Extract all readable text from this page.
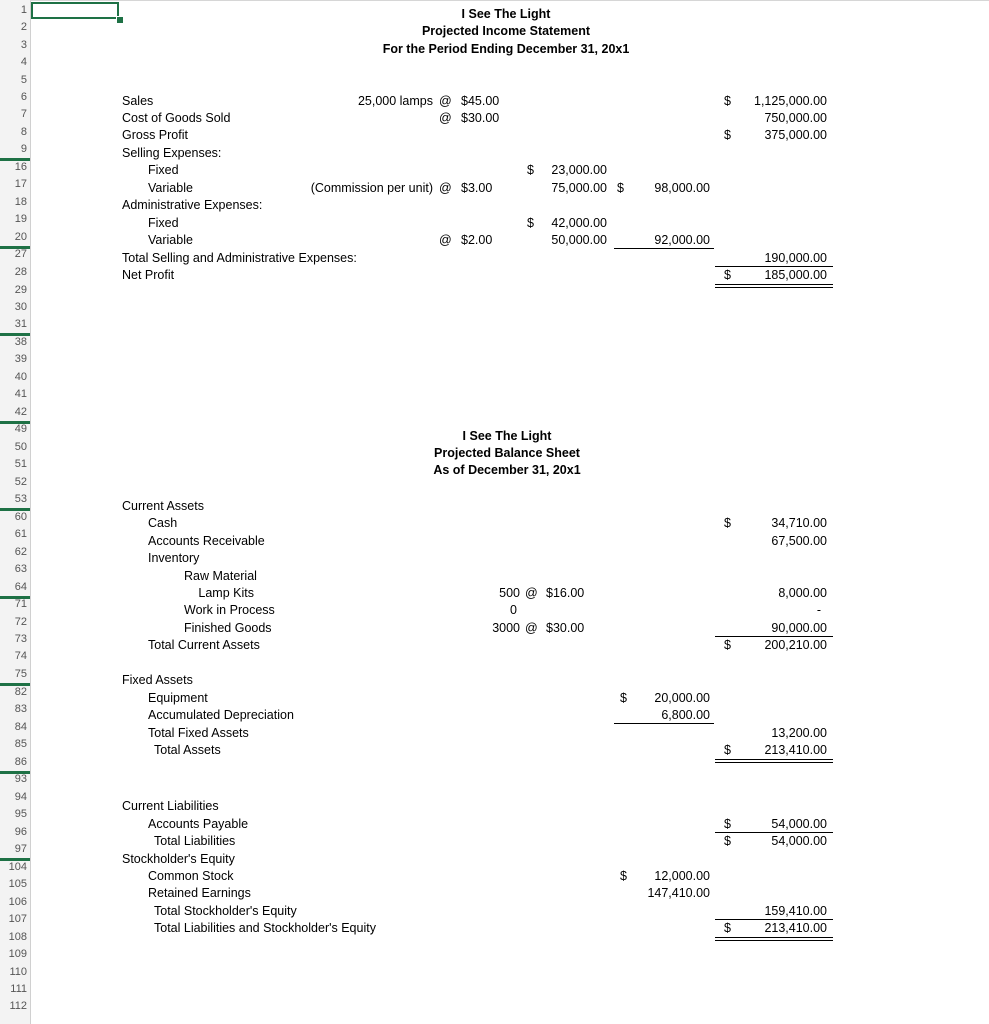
1
2
3
4
5
6
7
8
9
16
17
18
19
20
27
28
29
30
31
38
39
40
41
42
49
50
51
52
53
60
61
62
63
64
71
72
73
74
75
82
83
84
85
86
93
94
95
96
97
104
105
106
107
108
109
110
111
112
I See The Light
Projected Income Statement
For the Period Ending December 31, 20x1
Sales	25,000 lamps @ $45.00	$	1,125,000.00
Cost of Goods Sold	@ $30.00	750,000.00
Gross Profit	$	375,000.00
Selling Expenses:
Fixed	$	23,000.00
Variable	(Commission per unit) @ $3.00	75,000.00 $	98,000.00
Administrative Expenses:
Fixed	$	42,000.00
Variable	@ $2.00	50,000.00	92,000.00
Total Selling and Administrative Expenses:	190,000.00
Net Profit	$	185,000.00
I See The Light
Projected Balance Sheet
As of December 31, 20x1
Current Assets
Cash	$	34,710.00
Accounts Receivable	67,500.00
Inventory
Raw Material
Lamp Kits	500 @ $16.00	8,000.00
Work in Process	0	-
Finished Goods	3000 @ $30.00	90,000.00
Total Current Assets	$	200,210.00
Fixed Assets
Equipment	$	20,000.00
Accumulated Depreciation	6,800.00
Total Fixed Assets	13,200.00
Total Assets	$	213,410.00
Current Liabilities
Accounts Payable	$	54,000.00
Total Liabilities	$	54,000.00
Stockholder's Equity
Common Stock	$	12,000.00
Retained Earnings	147,410.00
Total Stockholder's Equity	159,410.00
Total Liabilities and Stockholder's Equity	$	213,410.00
